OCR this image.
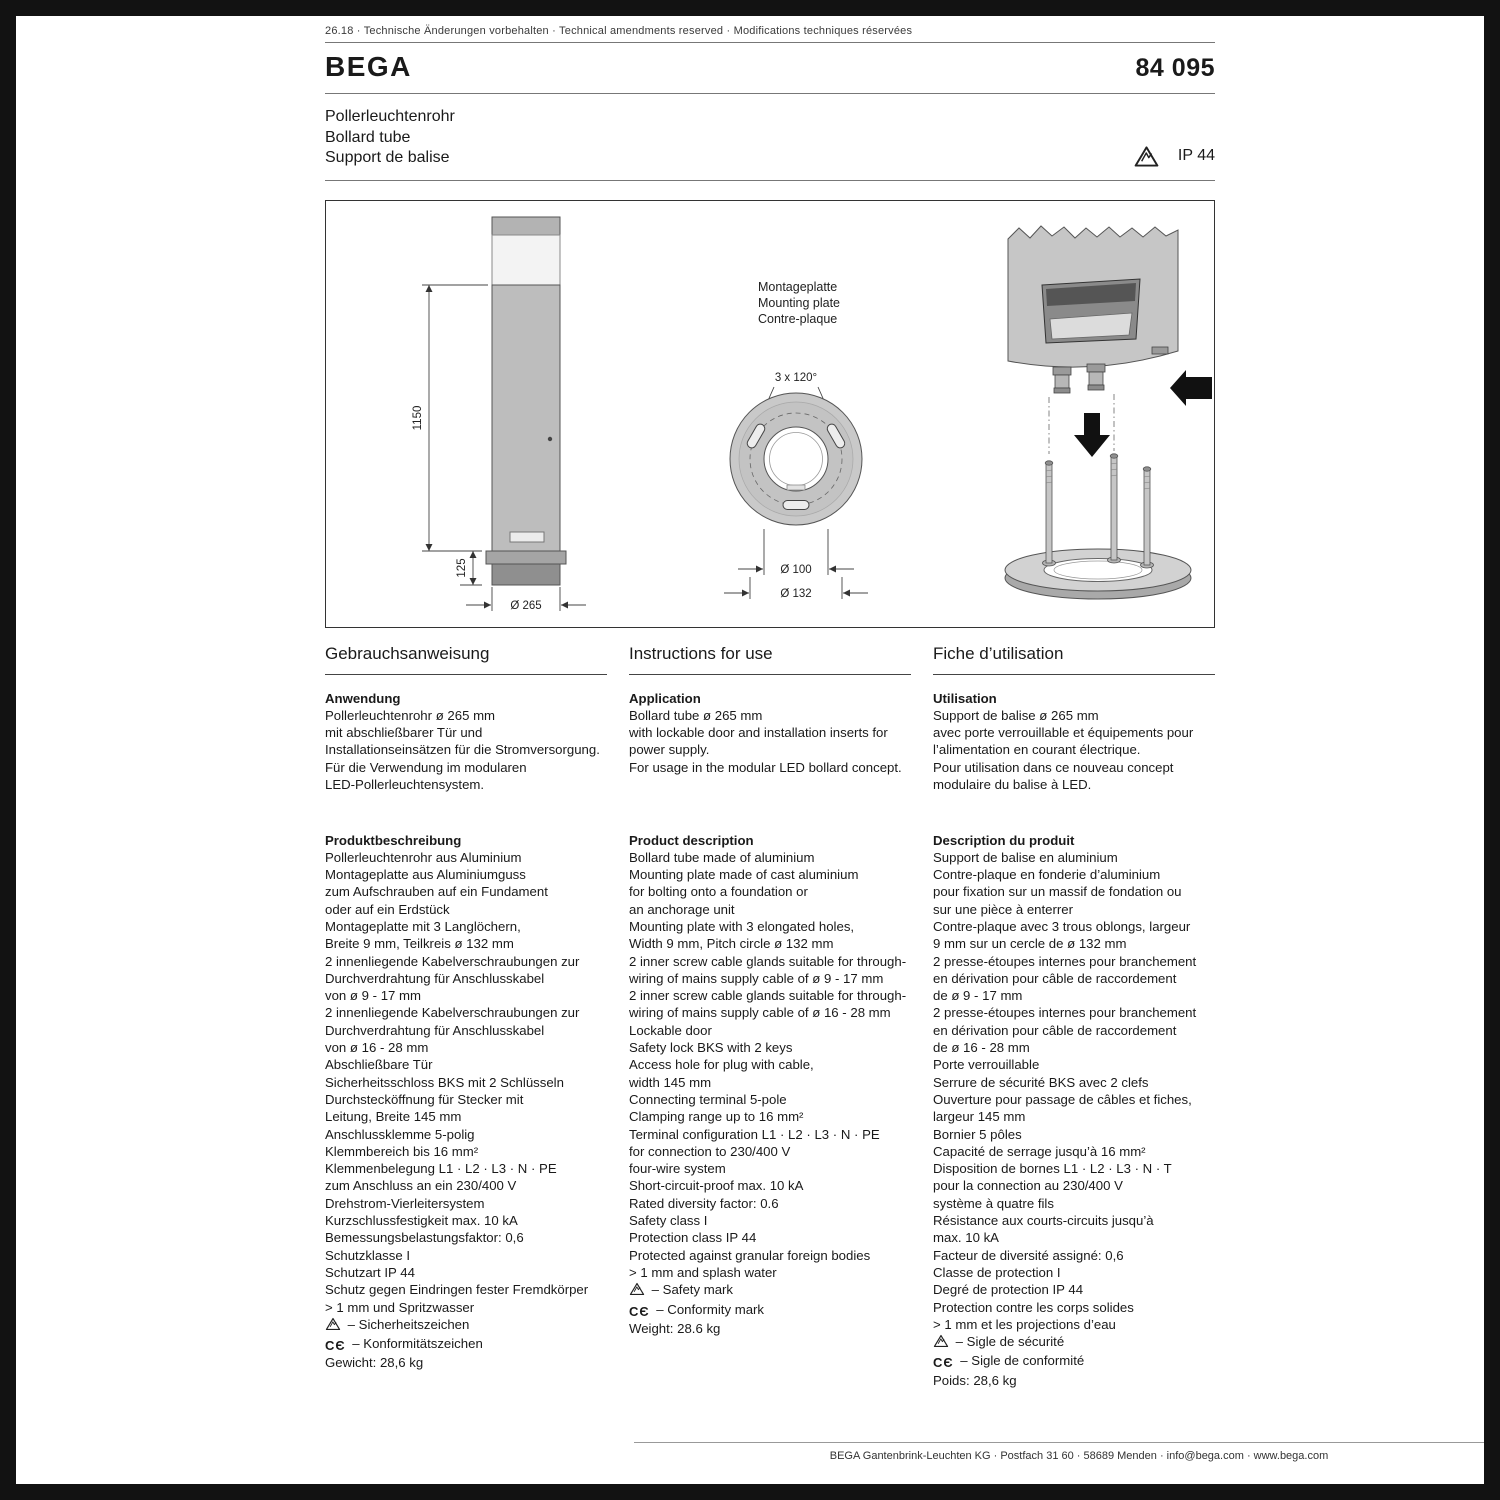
26.18 · Technische Änderungen vorbehalten · Technical amendments reserved · Modifications techniques réservées
BEGA	84 095
Pollerleuchtenrohr
Bollard tube
Support de balise	IP 44
1150
125
Ø 265
Montageplatte
Mounting plate
Contre-plaque
3 x 120°
Ø 100
Ø 132
Gebrauchsanweisung
Anwendung
Pollerleuchtenrohr ø 265 mm
mit abschließbarer Tür und
Installationseinsätzen für die Stromversorgung.
Für die Verwendung im modularen
LED-Pollerleuchtensystem.
Produktbeschreibung
Pollerleuchtenrohr aus Aluminium
Montageplatte aus Aluminiumguss
zum Aufschrauben auf ein Fundament
oder auf ein Erdstück
Montageplatte mit 3 Langlöchern,
Breite 9 mm, Teilkreis ø 132 mm
2 innenliegende Kabelverschraubungen zur
Durchverdrahtung für Anschlusskabel
von ø 9 - 17 mm
2 innenliegende Kabelverschraubungen zur
Durchverdrahtung für Anschlusskabel
von ø 16 - 28 mm
Abschließbare Tür
Sicherheitsschloss BKS mit 2 Schlüsseln
Durchstecköffnung für Stecker mit
Leitung, Breite 145 mm
Anschlussklemme 5-polig
Klemmbereich bis 16 mm²
Klemmenbelegung L1 · L2 · L3 · N · PE
zum Anschluss an ein 230/400 V
Drehstrom-Vierleitersystem
Kurzschlussfestigkeit max. 10 kA
Bemessungsbelastungsfaktor: 0,6
Schutzklasse I
Schutzart IP 44
Schutz gegen Eindringen fester Fremdkörper
> 1 mm und Spritzwasser
– Sicherheitszeichen
CЄ – Konformitätszeichen
Gewicht: 28,6 kg
Instructions for use
Application
Bollard tube ø 265 mm
with lockable door and installation inserts for
power supply.
For usage in the modular LED bollard concept.
Product description
Bollard tube made of aluminium
Mounting plate made of cast aluminium
for bolting onto a foundation or
an anchorage unit
Mounting plate with 3 elongated holes,
Width 9 mm, Pitch circle ø 132 mm
2 inner screw cable glands suitable for through-
wiring of mains supply cable of ø 9 - 17 mm
2 inner screw cable glands suitable for through-
wiring of mains supply cable of ø 16 - 28 mm
Lockable door
Safety lock BKS with 2 keys
Access hole for plug with cable,
width 145 mm
Connecting terminal 5-pole
Clamping range up to 16 mm²
Terminal configuration L1 · L2 · L3 · N · PE
for connection to 230/400 V
four-wire system
Short-circuit-proof max. 10 kA
Rated diversity factor: 0.6
Safety class I
Protection class IP 44
Protected against granular foreign bodies
> 1 mm and splash water
– Safety mark
CЄ – Conformity mark
Weight: 28.6 kg
Fiche d’utilisation
Utilisation
Support de balise ø 265 mm
avec porte verrouillable et équipements pour
l’alimentation en courant électrique.
Pour utilisation dans ce nouveau concept
modulaire du balise à LED.
Description du produit
Support de balise en aluminium
Contre-plaque en fonderie d’aluminium
pour fixation sur un massif de fondation ou
sur une pièce à enterrer
Contre-plaque avec 3 trous oblongs, largeur
9 mm sur un cercle de ø 132 mm
2 presse-étoupes internes pour branchement
en dérivation pour câble de raccordement
de ø 9 - 17 mm
2 presse-étoupes internes pour branchement
en dérivation pour câble de raccordement
de ø 16 - 28 mm
Porte verrouillable
Serrure de sécurité BKS avec 2 clefs
Ouverture pour passage de câbles et fiches,
largeur 145 mm
Bornier 5 pôles
Capacité de serrage jusqu’à 16 mm²
Disposition de bornes L1 · L2 · L3 · N · T
pour la connection au 230/400 V
système à quatre fils
Résistance aux courts-circuits jusqu’à
max. 10 kA
Facteur de diversité assigné: 0,6
Classe de protection I
Degré de protection IP 44
Protection contre les corps solides
> 1 mm et les projections d’eau
– Sigle de sécurité
CЄ – Sigle de conformité
Poids: 28,6 kg
BEGA Gantenbrink-Leuchten KG · Postfach 31 60 · 58689 Menden · info@bega.com · www.bega.com
